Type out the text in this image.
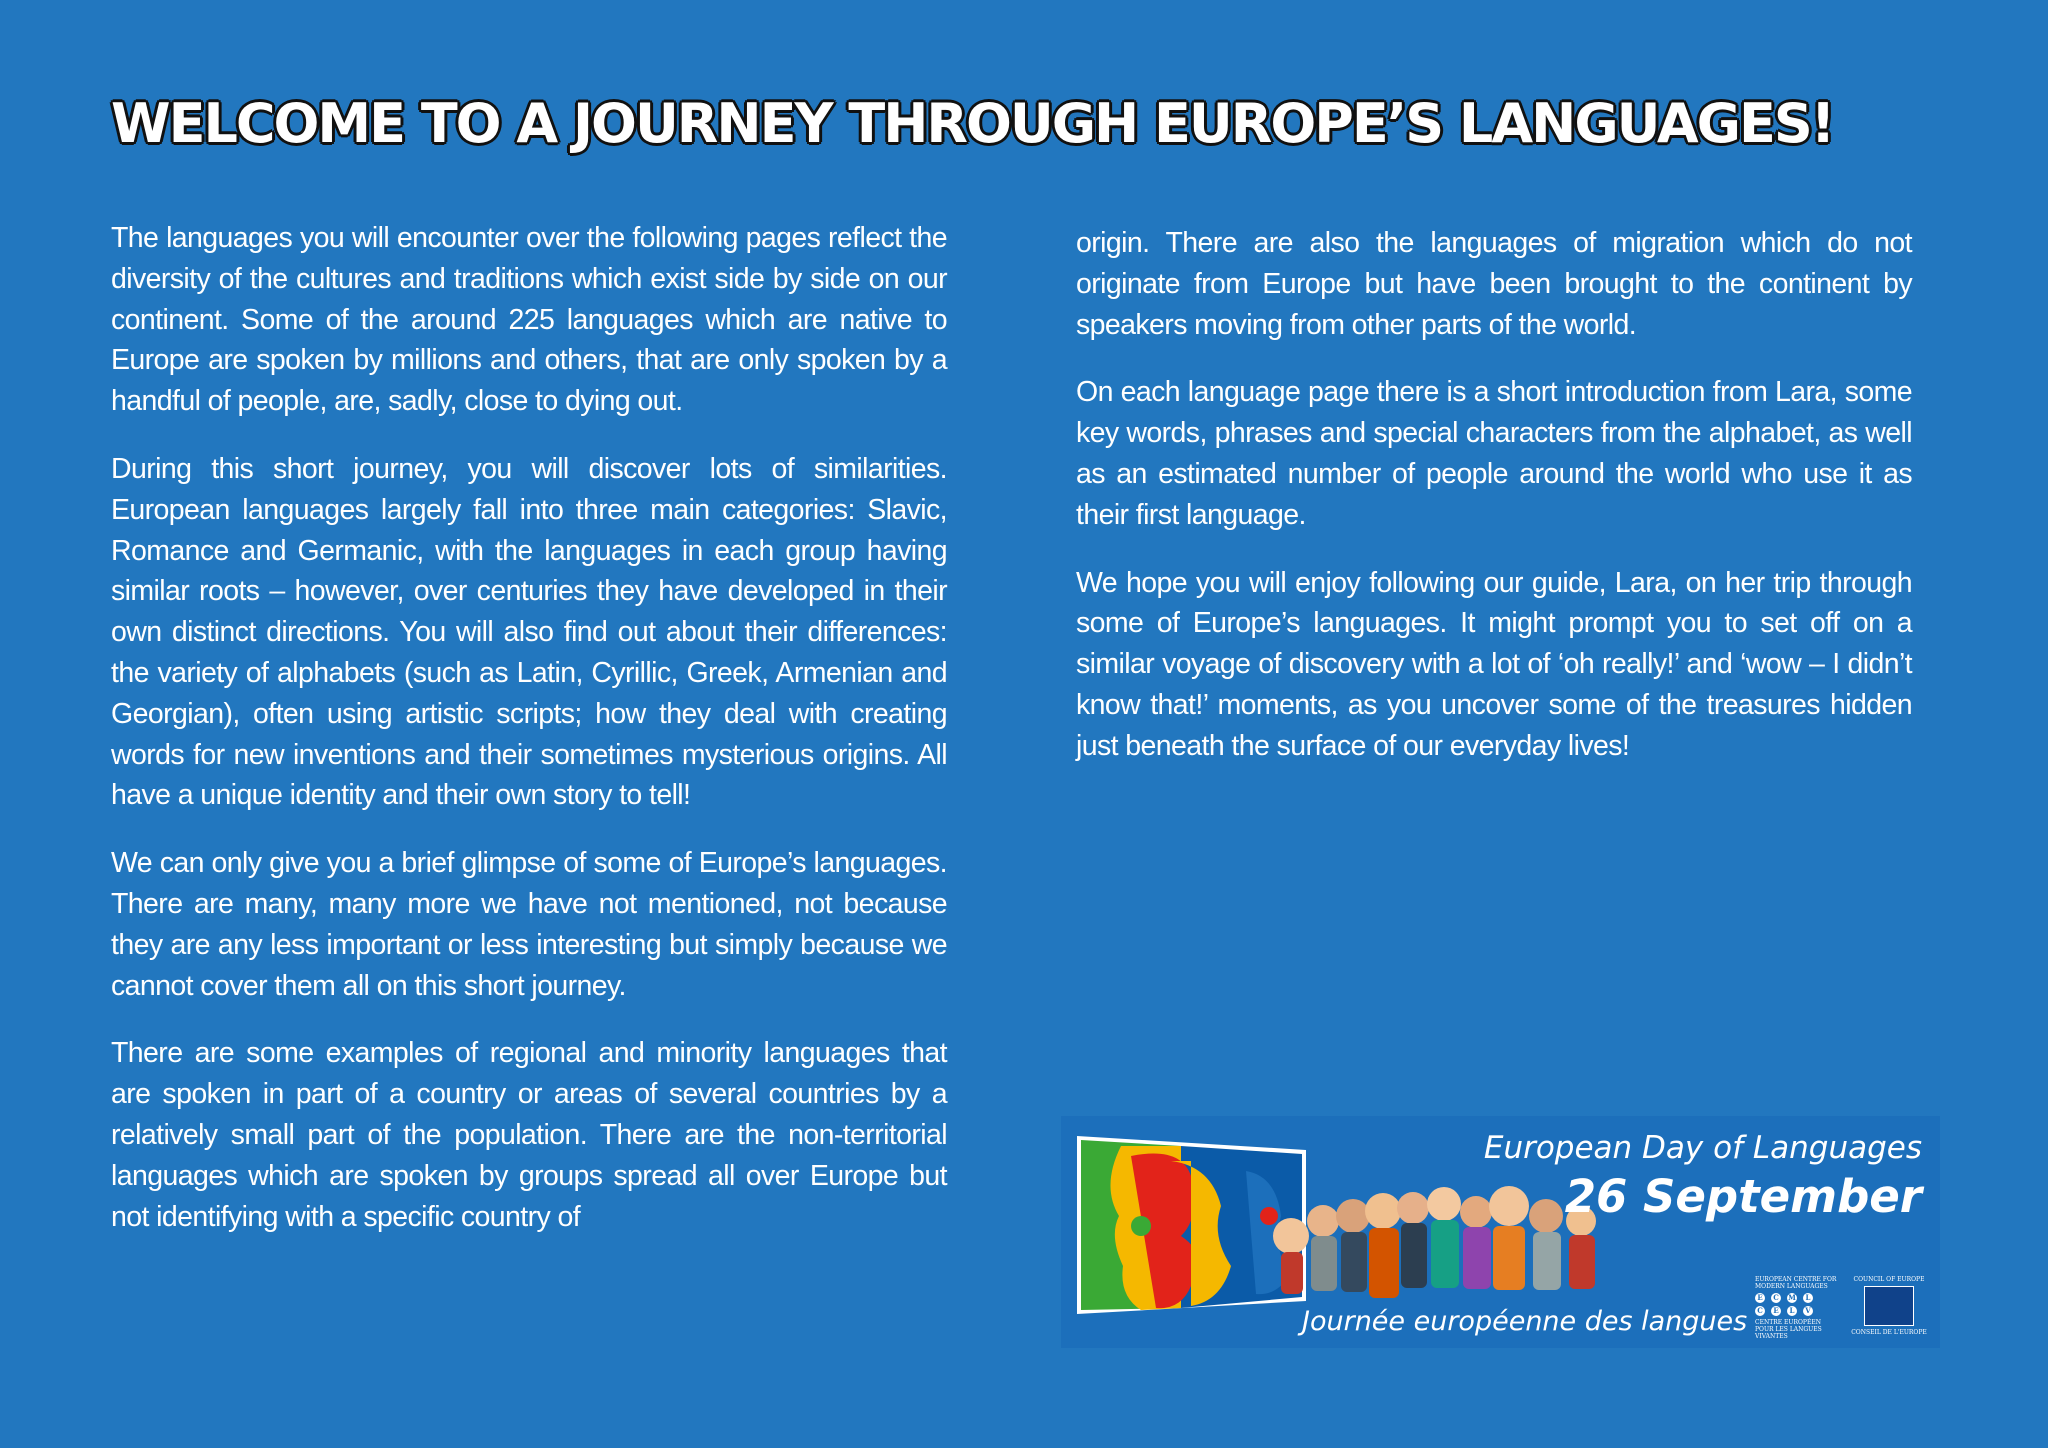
WELCOME TO A JOURNEY THROUGH EUROPE’S LANGUAGES!

The languages you will encounter over the following pages reflect the diversity of the cultures and traditions which exist side by side on our continent. Some of the around 225 languages which are native to Europe are spoken by millions and others, that are only spoken by a handful of people, are, sadly, close to dying out.

During this short journey, you will discover lots of similarities. European languages largely fall into three main categories: Slavic, Romance and Germanic, with the languages in each group having similar roots – however, over centuries they have developed in their own distinct directions. You will also find out about their differences: the variety of alphabets (such as Latin, Cyrillic, Greek, Armenian and Georgian), often using artistic scripts; how they deal with creating words for new inventions and their sometimes mysterious origins. All have a unique identity and their own story to tell!

We can only give you a brief glimpse of some of Europe’s languages. There are many, many more we have not mentioned, not because they are any less important or less interesting but simply because we cannot cover them all on this short journey.

There are some examples of regional and minority languages that are spoken in part of a country or areas of several countries by a relatively small part of the population. There are the non-territorial languages which are spoken by groups spread all over Europe but not identifying with a specific country of

origin. There are also the languages of migration which do not originate from Europe but have been brought to the continent by speakers moving from other parts of the world.

On each language page there is a short introduction from Lara, some key words, phrases and special characters from the alphabet, as well as an estimated number of people around the world who use it as their first language.

We hope you will enjoy following our guide, Lara, on her trip through some of Europe’s languages. It might prompt you to set off on a similar voyage of discovery with a lot of ‘oh really!’ and ‘wow – I didn’t know that!’ moments, as you uncover some of the treasures hidden just beneath the surface of our everyday lives!

European Day of Languages
26 September
Journée européenne des langues
EUROPEAN CENTRE FOR MODERN LANGUAGES
E	C	M	L
C	E	L	V
CENTRE EUROPÉEN POUR LES LANGUES VIVANTES
COUNCIL OF EUROPE
CONSEIL DE L'EUROPE
